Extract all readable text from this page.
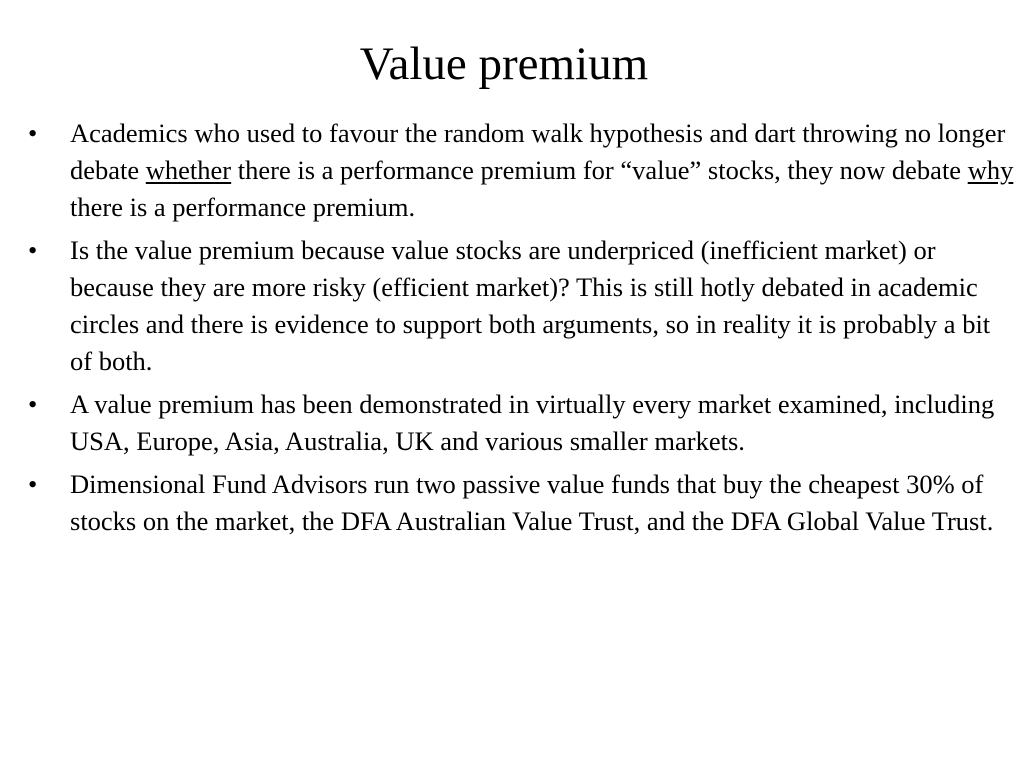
Value premium
•	Academics who used to favour the random walk hypothesis and dart throwing no longer debate whether there is a performance premium for “value” stocks, they now debate why there is a performance premium.
•	Is the value premium because value stocks are underpriced (inefficient market) or because they are more risky (efficient market)? This is still hotly debated in academic circles and there is evidence to support both arguments, so in reality it is probably a bit of both.
•	A value premium has been demonstrated in virtually every market examined, including USA, Europe, Asia, Australia, UK and various smaller markets.
•	Dimensional Fund Advisors run two passive value funds that buy the cheapest 30% of stocks on the market, the DFA Australian Value Trust, and the DFA Global Value Trust.
